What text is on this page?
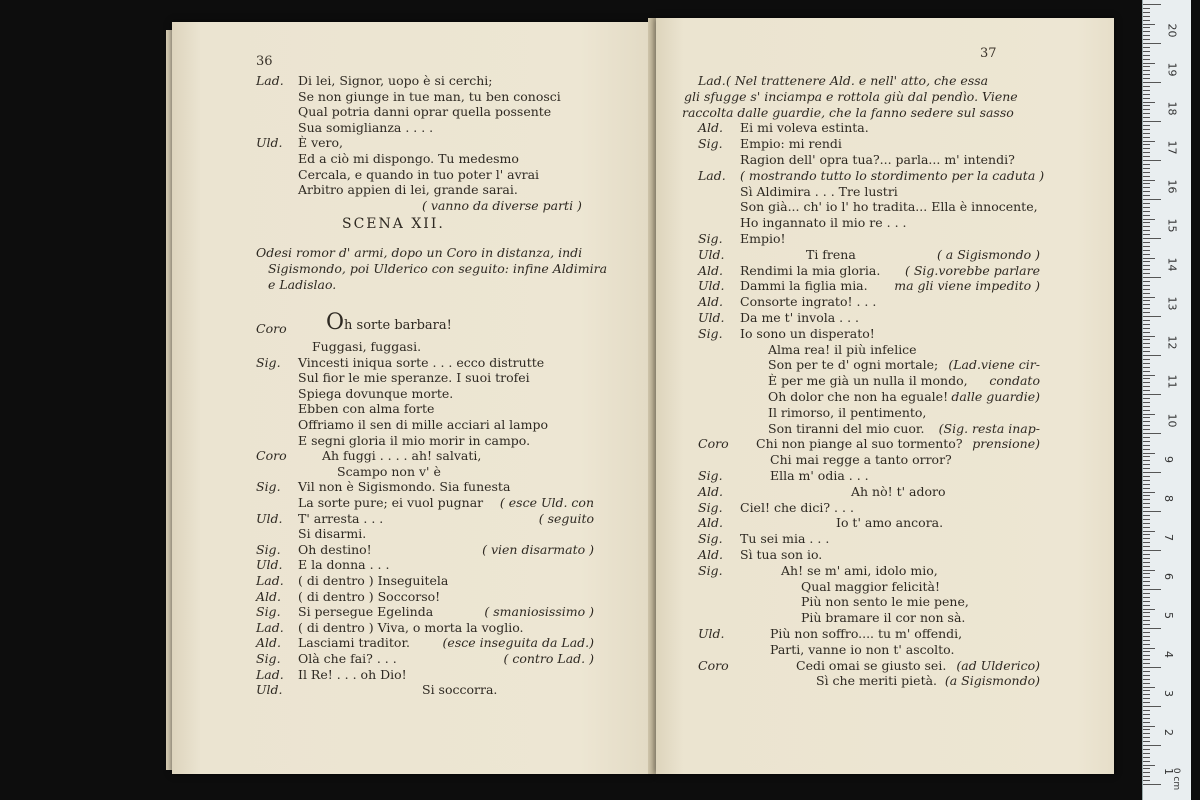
36
Lad. Di lei, Signor, uopo è si cerchi;
Se non giunge in tue man, tu ben conosci
Qual potria danni oprar quella possente
Sua somiglianza . . . .
Uld. È vero,
Ed a ciò mi dispongo. Tu medesmo
Cercala, e quando in tuo poter l' avrai
Arbitro appien di lei, grande sarai.
( vanno da diverse parti )
SCENA XII.
Odesi romor d' armi, dopo un Coro in distanza, indi
Sigismondo, poi Ulderico con seguito: infine Aldimira
e Ladislao.
Coro Oh sorte barbara!
Fuggasi, fuggasi.
Sig. Vincesti iniqua sorte . . . ecco distrutte
Sul fior le mie speranze. I suoi trofei
Spiega dovunque morte.
Ebben con alma forte
Offriamo il sen di mille acciari al lampo
E segni gloria il mio morir in campo.
Coro	Ah fuggi . . . . ah! salvati,
Scampo non v' è
Sig. Vil non è Sigismondo. Sia funesta
La sorte pure; ei vuol pugnar ( esce Uld. con
Uld. T' arresta . . .	( seguito
Si disarmi.
Sig. Oh destino!	( vien disarmato )
Uld. E la donna . . .
Lad. ( di dentro ) Inseguitela
Ald. ( di dentro ) Soccorso!
Sig. Si persegue Egelinda	( smaniosissimo )
Lad. ( di dentro ) Viva, o morta la voglio.
Ald. Lasciami traditor.	(esce inseguita da Lad.)
Sig. Olà che fai? . . .	( contro Lad. )
Lad. Il Re! . . . oh Dio!
Uld.	Si soccorra.
37
Lad. ( Nel trattenere Ald. e nell' atto, che essa
gli sfugge s' inciampa e rottola giù dal pendìo. Viene
raccolta dalle guardie, che la fanno sedere sul sasso
Ald. Ei mi voleva estinta.
Sig. Empio: mi rendi
Ragion dell' opra tua?... parla... m' intendi?
Lad. ( mostrando tutto lo stordimento per la caduta )
Sì Aldimira . . . Tre lustri
Son già... ch' io l' ho tradita... Ella è innocente,
Ho ingannato il mio re . . .
Sig. Empio!
Uld.	Ti frena	( a Sigismondo )
Ald. Rendimi la mia gloria. ( Sig.vorebbe parlare
Uld. Dammi la figlia mia. ma gli viene impedito )
Ald. Consorte ingrato! . . .
Uld. Da me t' invola . . .
Sig. Io sono un disperato!
Alma rea! il più infelice
Son per te d' ogni mortale; (Lad.viene cir-
È per me già un nulla il mondo, condato
Oh dolor che non ha eguale! dalle guardie)
Il rimorso, il pentimento,
Son tiranni del mio cuor. (Sig. resta inap-
Coro Chi non piange al suo tormento? prensione)
Chi mai regge a tanto orror?
Sig.	Ella m' odia . . .
Ald.	Ah nò! t' adoro
Sig. Ciel! che dici? . . .
Ald.	Io t' amo ancora.
Sig. Tu sei mia . . .
Ald. Sì tua son io.
Sig.	Ah! se m' ami, idolo mio,
Qual maggior felicità!
Più non sento le mie pene,
Più bramare il cor non sà.
Uld.	Più non soffro.... tu m' offendi,
Parti, vanne io non t' ascolto.
Coro	Cedi omai se giusto sei. (ad Ulderico)
Sì che meriti pietà. (a Sigismondo)
20
19
18
17
16
15
14
13
12
11
10
9
8
7
6
5
4
3
2
1
0 cm
